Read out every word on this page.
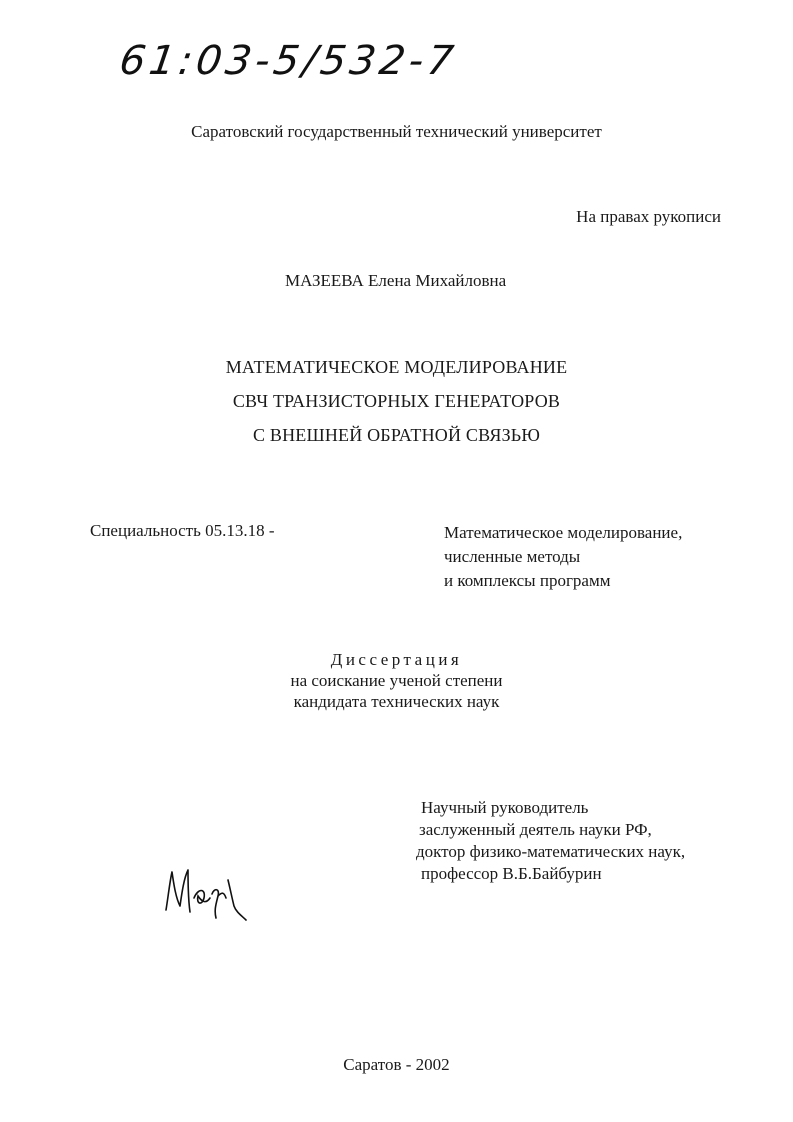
61:03-5/532-7
Саратовский государственный технический университет
На правах рукописи
МАЗЕЕВА Елена Михайловна
МАТЕМАТИЧЕСКОЕ МОДЕЛИРОВАНИЕ
СВЧ ТРАНЗИСТОРНЫХ ГЕНЕРАТОРОВ
С ВНЕШНЕЙ ОБРАТНОЙ СВЯЗЬЮ
Специальность 05.13.18 -	Математическое моделирование,
численные методы
и комплексы программ
Диссертация
на соискание ученой степени
кандидата технических наук
Научный руководитель
заслуженный деятель науки РФ,
доктор физико-математических наук,
профессор В.Б.Байбурин
Саратов - 2002
